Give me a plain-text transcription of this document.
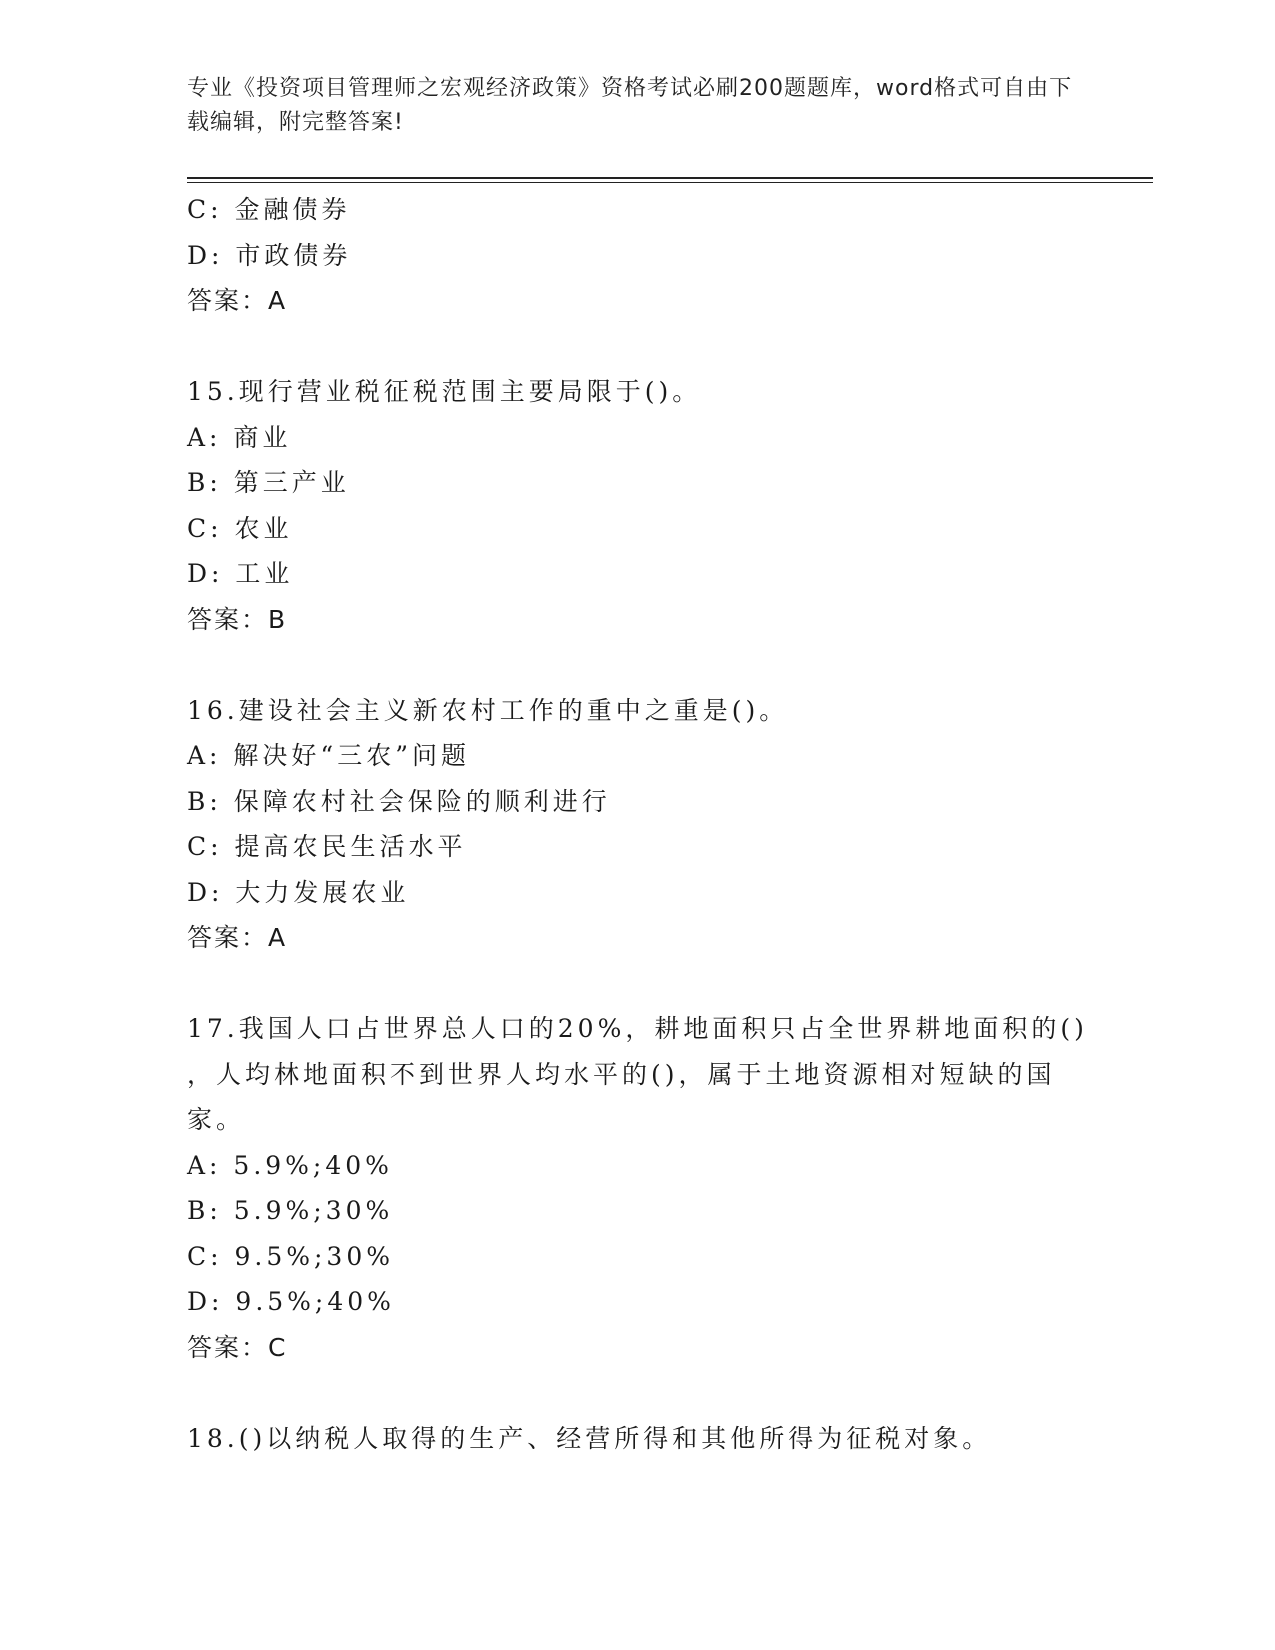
专业《投资项目管理师之宏观经济政策》资格考试必刷200题题库，word格式可自由下载编辑，附完整答案!
C: 金融债券
D: 市政债券
答案：A
15.现行营业税征税范围主要局限于()。
A: 商业
B: 第三产业
C: 农业
D: 工业
答案：B
16.建设社会主义新农村工作的重中之重是()。
A: 解决好“三农”问题
B: 保障农村社会保险的顺利进行
C: 提高农民生活水平
D: 大力发展农业
答案：A
17.我国人口占世界总人口的20%，耕地面积只占全世界耕地面积的()
，人均林地面积不到世界人均水平的()，属于土地资源相对短缺的国
家。
A: 5.9%;40%
B: 5.9%;30%
C: 9.5%;30%
D: 9.5%;40%
答案：C
18.()以纳税人取得的生产、经营所得和其他所得为征税对象。
